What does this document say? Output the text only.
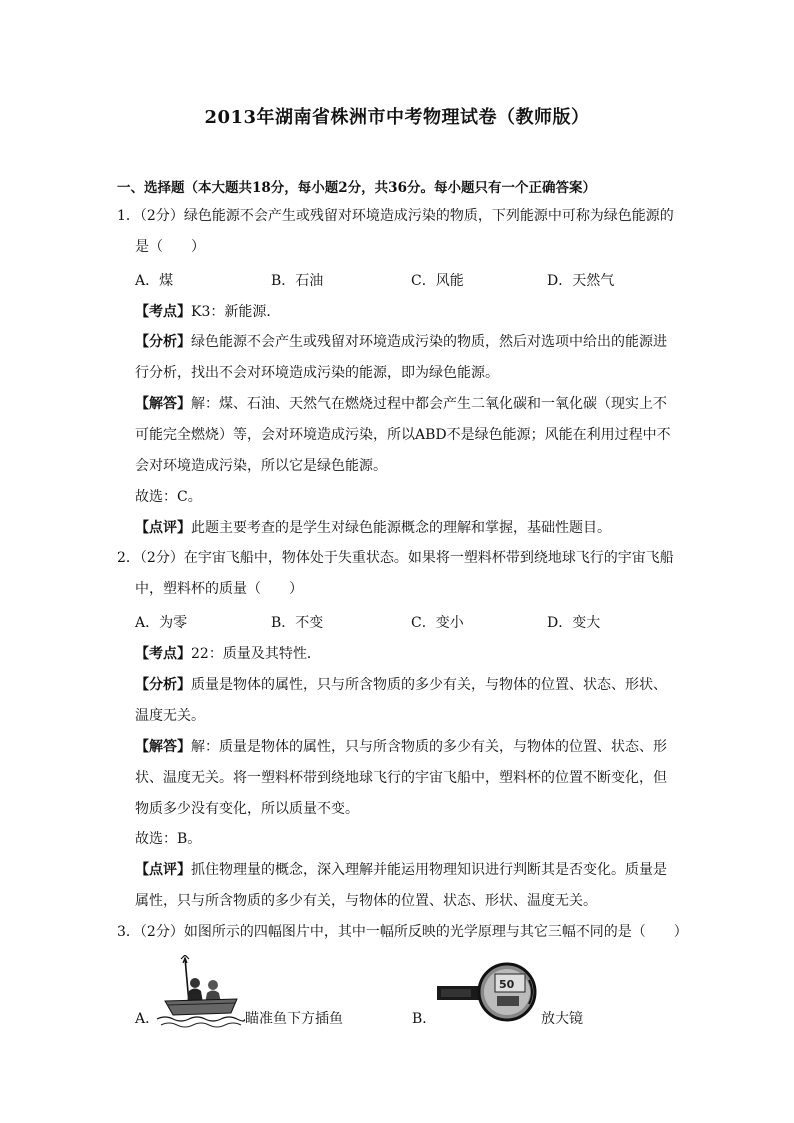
2013年湖南省株洲市中考物理试卷（教师版）
一、选择题（本大题共18分，每小题2分，共36分。每小题只有一个正确答案）
1．（2分）绿色能源不会产生或残留对环境造成污染的物质，下列能源中可称为绿色能源的
是（　　）
A．煤	B．石油	C．风能	D．天然气
【考点】K3：新能源．
【分析】绿色能源不会产生或残留对环境造成污染的物质，然后对选项中给出的能源进
行分析，找出不会对环境造成污染的能源，即为绿色能源。
【解答】解：煤、石油、天然气在燃烧过程中都会产生二氧化碳和一氧化碳（现实上不
可能完全燃烧）等，会对环境造成污染，所以ABD不是绿色能源；风能在利用过程中不
会对环境造成污染，所以它是绿色能源。
故选：C。
【点评】此题主要考查的是学生对绿色能源概念的理解和掌握，基础性题目。
2．（2分）在宇宙飞船中，物体处于失重状态。如果将一塑料杯带到绕地球飞行的宇宙飞船
中，塑料杯的质量（　　）
A．为零	B．不变	C．变小	D．变大
【考点】22：质量及其特性．
【分析】质量是物体的属性，只与所含物质的多少有关，与物体的位置、状态、形状、
温度无关。
【解答】解：质量是物体的属性，只与所含物质的多少有关，与物体的位置、状态、形
状、温度无关。将一塑料杯带到绕地球飞行的宇宙飞船中，塑料杯的位置不断变化，但
物质多少没有变化，所以质量不变。
故选：B。
【点评】抓住物理量的概念，深入理解并能运用物理知识进行判断其是否变化。质量是
属性，只与所含物质的多少有关，与物体的位置、状态、形状、温度无关。
3．（2分）如图所示的四幅图片中，其中一幅所反映的光学原理与其它三幅不同的是（　　）
A．	瞄准鱼下方插鱼	B．
50
放大镜
